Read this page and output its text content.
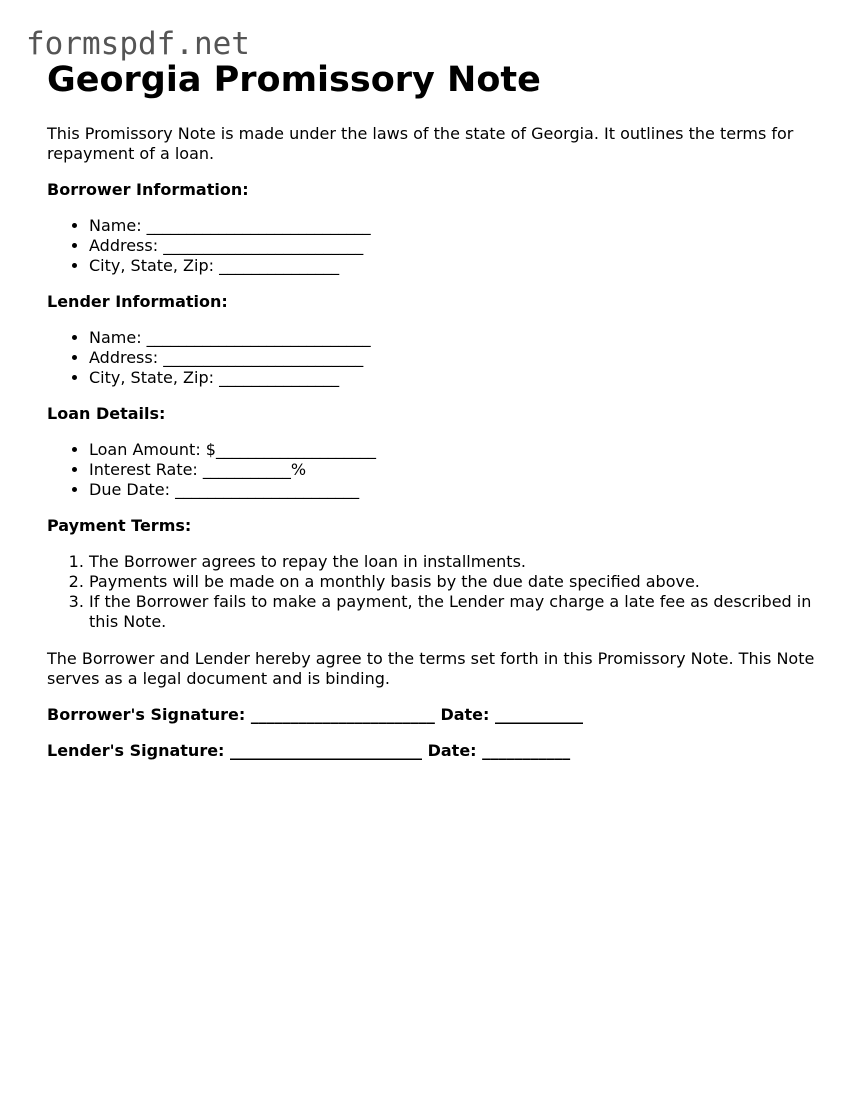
formspdf.net
Georgia Promissory Note

This Promissory Note is made under the laws of the state of Georgia. It outlines the terms for repayment of a loan.

Borrower Information:

• Name: ____________________________
• Address: _________________________
• City, State, Zip: _______________

Lender Information:

• Name: ____________________________
• Address: _________________________
• City, State, Zip: _______________

Loan Details:

• Loan Amount: $____________________
• Interest Rate: ___________%
• Due Date: _______________________

Payment Terms:

1. The Borrower agrees to repay the loan in installments.
2. Payments will be made on a monthly basis by the due date specified above.
3. If the Borrower fails to make a payment, the Lender may charge a late fee as described in this Note.

The Borrower and Lender hereby agree to the terms set forth in this Promissory Note. This Note serves as a legal document and is binding.

Borrower's Signature: _______________________ Date: ___________

Lender's Signature: ________________________ Date: ___________
